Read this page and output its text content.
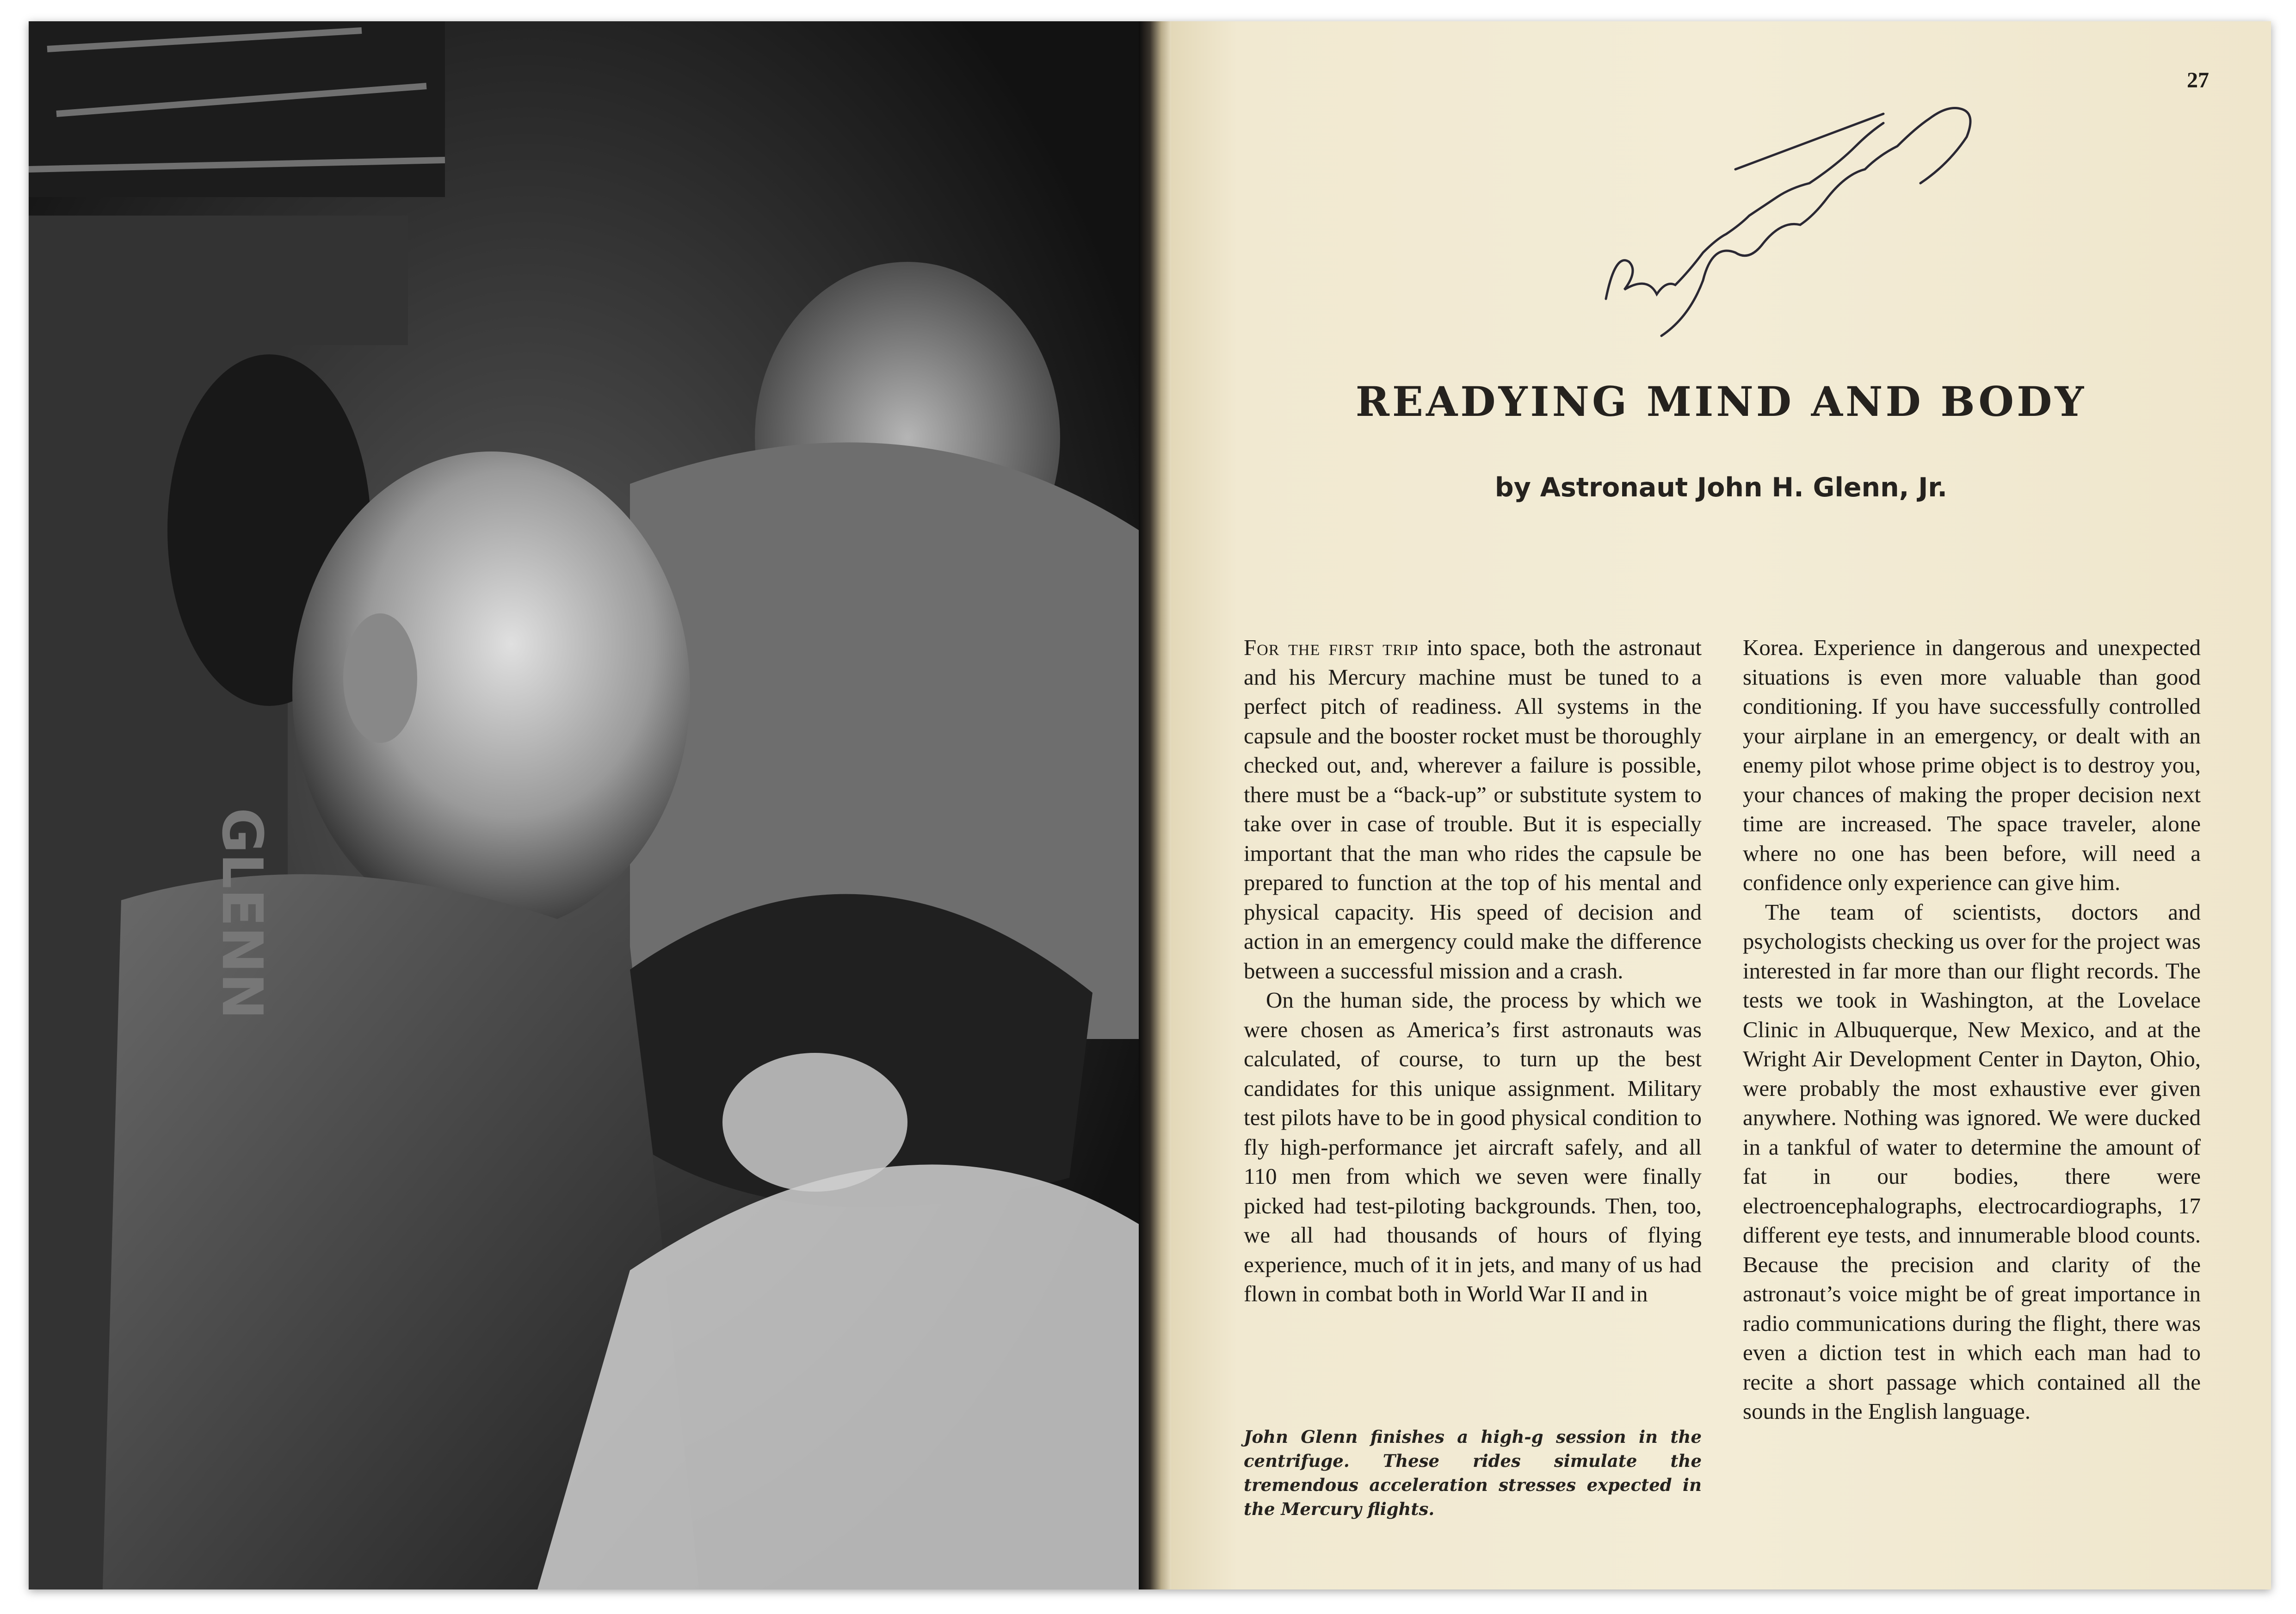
GLENN
27
READYING MIND AND BODY
by Astronaut John H. Glenn, Jr.

For the first trip into space, both the astronaut and his Mercury machine must be tuned to a perfect pitch of readiness. All systems in the capsule and the booster rocket must be thoroughly checked out, and, wherever a failure is possible, there must be a “back-up” or substitute system to take over in case of trouble. But it is especially important that the man who rides the capsule be prepared to function at the top of his mental and physical capacity. His speed of decision and action in an emergency could make the difference between a successful mission and a crash.

On the human side, the process by which we were chosen as America’s first astronauts was calculated, of course, to turn up the best candidates for this unique assignment. Military test pilots have to be in good physical condition to fly high-performance jet aircraft safely, and all 110 men from which we seven were finally picked had test-piloting backgrounds. Then, too, we all had thousands of hours of flying experience, much of it in jets, and many of us had flown in combat both in World War II and in

John Glenn finishes a high-g session in the centrifuge. These rides simulate the tremendous acceleration stresses expected in the Mercury flights.

Korea. Experience in dangerous and unexpected situations is even more valuable than good conditioning. If you have successfully controlled your airplane in an emergency, or dealt with an enemy pilot whose prime object is to destroy you, your chances of making the proper decision next time are increased. The space traveler, alone where no one has been before, will need a confidence only experience can give him.

The team of scientists, doctors and psychologists checking us over for the project was interested in far more than our flight records. The tests we took in Washington, at the Lovelace Clinic in Albuquerque, New Mexico, and at the Wright Air Development Center in Dayton, Ohio, were probably the most exhaustive ever given anywhere. Nothing was ignored. We were ducked in a tankful of water to determine the amount of fat in our bodies, there were electroencephalographs, electrocardiographs, 17 different eye tests, and innumerable blood counts. Because the precision and clarity of the astronaut’s voice might be of great importance in radio communications during the flight, there was even a diction test in which each man had to recite a short passage which contained all the sounds in the English language.
